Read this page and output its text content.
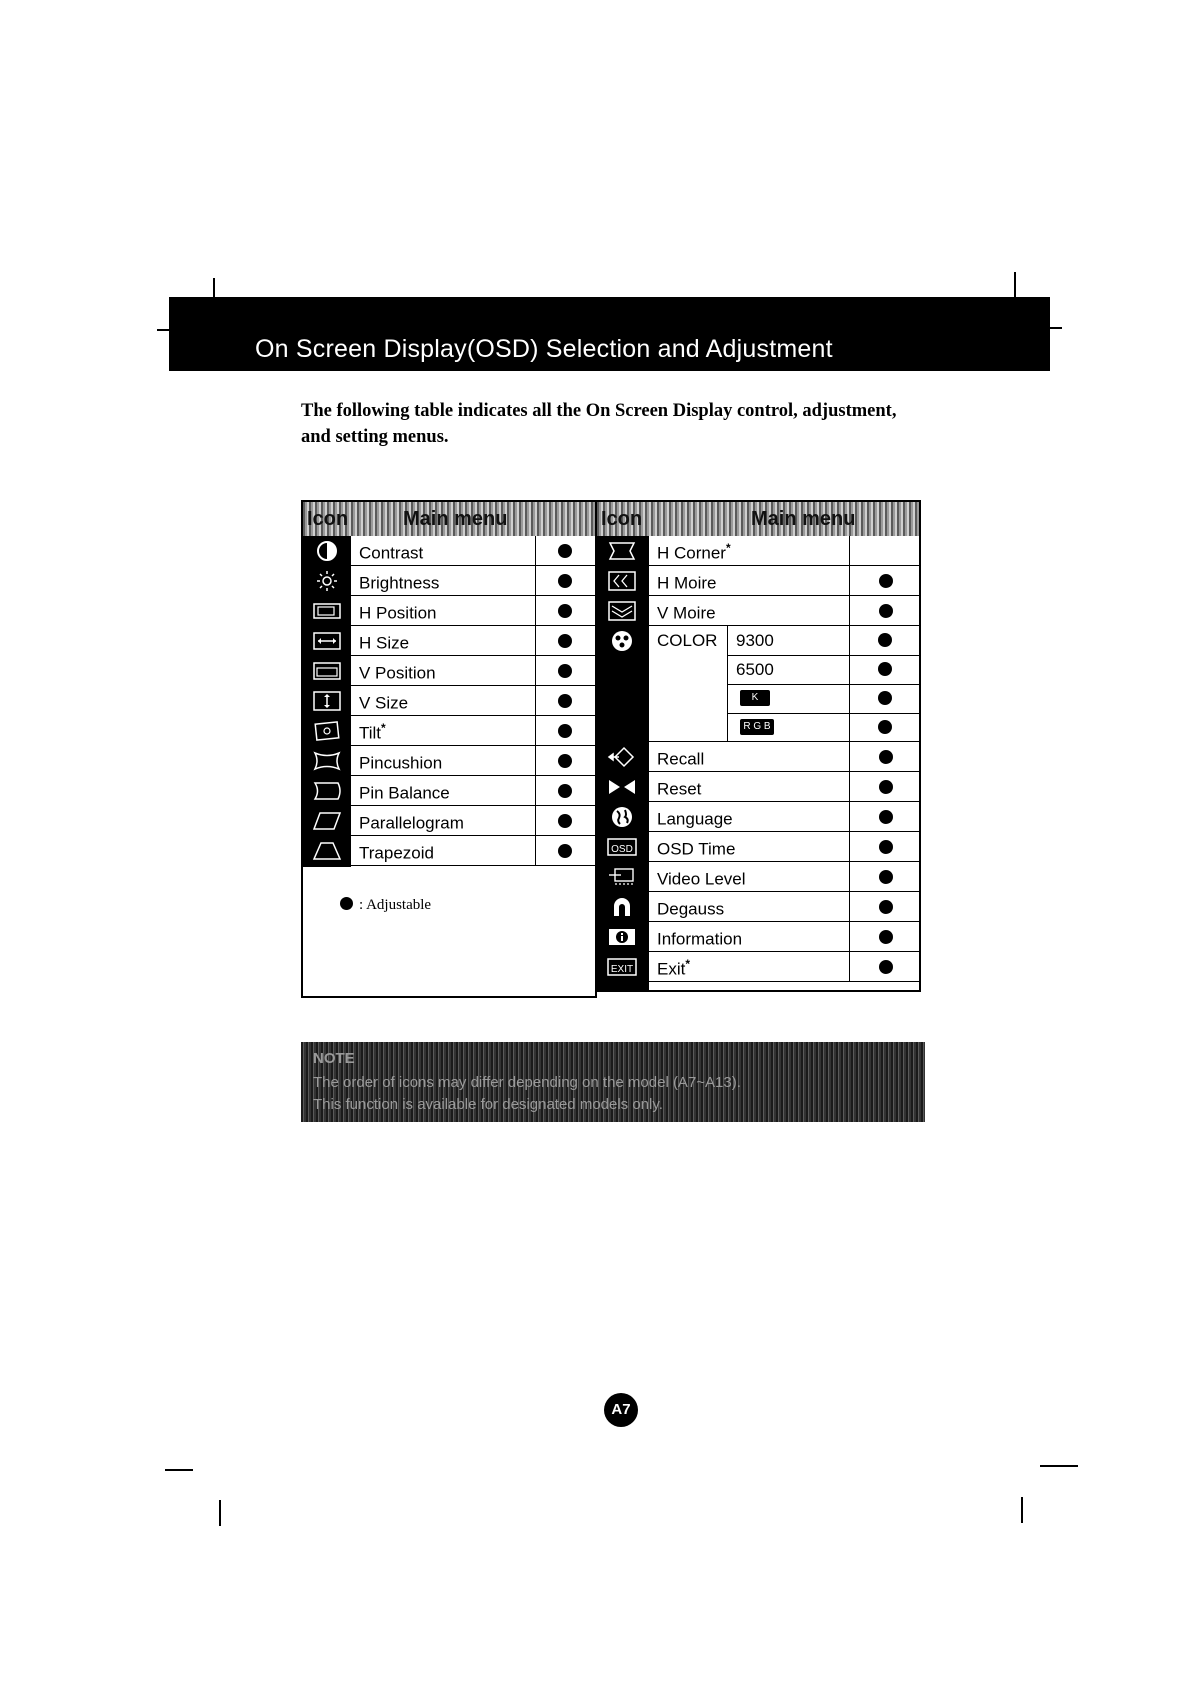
On Screen Display(OSD) Selection and Adjustment
The following table indicates all the On Screen Display control, adjustment,
and setting menus.
Icon	Main menu
Contrast
Brightness
H Position
H Size
V Position
V Size
Tilt*
Pincushion
Pin Balance
Parallelogram
Trapezoid
Icon	Main menu
H Corner*
H Moire
V Moire
COLOR 9300
6500
K
R G B
Recall
Reset
Language
OSD OSD Time
Video Level
Degauss
Information
EXIT Exit*
: Adjustable
NOTE
The order of icons may differ depending on the model (A7~A13).
This function is available for designated models only.
A7
